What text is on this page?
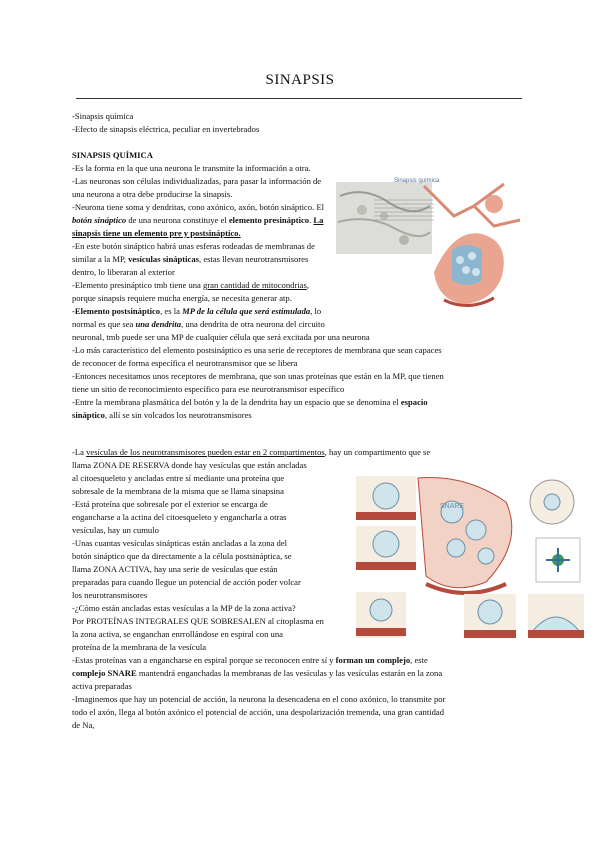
SINAPSIS
-Sinapsis química
-Efecto de sinapsis eléctrica, peculiar en invertebrados
SINAPSIS QUÍMICA
-Es la forma en la que una neurona le transmite la información a otra.
-Las neuronas son células individualizadas, para pasar la información de
una neurona a otra debe producirse la sinapsis.
-Neurona tiene soma y dendritas, cono axónico, axón, botón sináptico. El
botón sináptico de una neurona constituye el elemento presináptico. La
sinapsis tiene un elemento pre y postsináptico.
-En este botón sináptico habrá unas esferas rodeadas de membranas de
similar a la MP, vesículas sinápticas, estas llevan neurotransmisores
dentro, lo liberaran al exterior
-Elemento presináptico tmb tiene una gran cantidad de mitocondrias,
porque sinapsis requiere mucha energía, se necesita generar atp.
-Elemento postsináptico, es la MP de la célula que será estimulada, lo
normal es que sea una dendrita, una dendrita de otra neurona del circuito
neuronal, tmb puede ser una MP de cualquier célula que será excitada por una neurona
-Lo más característico del elemento postsináptico es una serie de receptores de membrana que sean capaces
de reconocer de forma específica el neurotransmisor que se libera
-Entonces necesitamos unos receptores de membrana, que son unas proteínas que están en la MP, que tienen
tiene un sitio de reconocimiento específico para ese neurotransmisor específico
-Entre la membrana plasmática del botón y la de la dendrita hay un espacio que se denomina el espacio
sináptico, allí se sin volcados los neurotransmisores
-La vesículas de los neurotransmisores pueden estar en 2 compartimentos, hay un compartimento que se
llama ZONA DE RESERVA donde hay vesículas que están ancladas
al citoesqueleto y ancladas entre sí mediante una proteína que
sobresale de la membrana de la misma que se llama sinapsina
-Está proteína que sobresale por el exterior se encarga de
engancharse a la actina del citoesqueleto y engancharla a otras
vesículas, hay un cumulo
-Unas cuantas vesículas sinápticas están ancladas a la zona del
botón sináptico que da directamente a la célula postsináptica, se
llama ZONA ACTIVA, hay una serie de vesículas que están
preparadas para cuando llegue un potencial de acción poder volcar
los neurotransmisores
-¿Cómo están ancladas estas vesículas a la MP de la zona activa?
Por PROTEÍNAS INTEGRALES QUE SOBRESALEN al citoplasma en
la zona activa, se enganchan enrrollándose en espiral con una
proteína de la membrana de la vesícula
-Estas proteínas van a engancharse en espiral porque se reconocen entre sí y forman un complejo, este
complejo SNARE mantendrá enganchadas la membranas de las vesículas y las vesículas estarán en la zona
activa preparadas
-Imaginemos que hay un potencial de acción, la neurona la desencadena en el cono axónico, lo transmite por
todo el axón, llega al botón axónico el potencial de acción, una despolarización tremenda, una gran cantidad
de Na,
Sinapsis química
SNARE
